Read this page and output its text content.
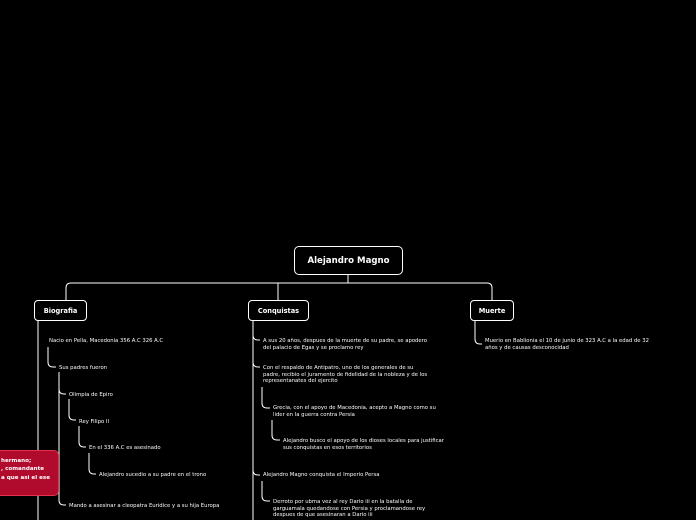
Alejandro Magno
Biografia	Conquistas	Muerte
Nacio en Pella, Macedonia 356 A.C 326 A.C
Sus padres fueron
Olimpia de Epiro
Rey Filipo II
En el 336 A.C es asesinado
Alejandro sucedio a su padre en el trono
Mando a asesinar a cleopatra Euridice y a su hija Europa
A sus 20 años, despues de la muerte de su padre, se apodero
del palacio de Egas y se proclamo rey
Con el respaldo de Antipatro, uno de los generales de su
padre, recibio el juramento de fidelidad de la nobleza y de los
representanates del ejercito
Grecia, con el apoyo de Macedonia, acepto a Magno como su
lider en la guerra contra Persia
Alejandro busco el apoyo de los dioses locales para justificar
sus conquistas en esos territorios
Alejandro Magno conquista el Imperio Persa
Derroto por ubma vez al rey Dario iii en la batalla de
garguamala quedandose con Persia y proclamandose rey
despues de que asesinaran a Dario iii
Muerio en Bablionia el 10 de junio de 323 A.C a la edad de 32
años y de causas desconocidad
hermano;
, comandante
a que asi el ese
